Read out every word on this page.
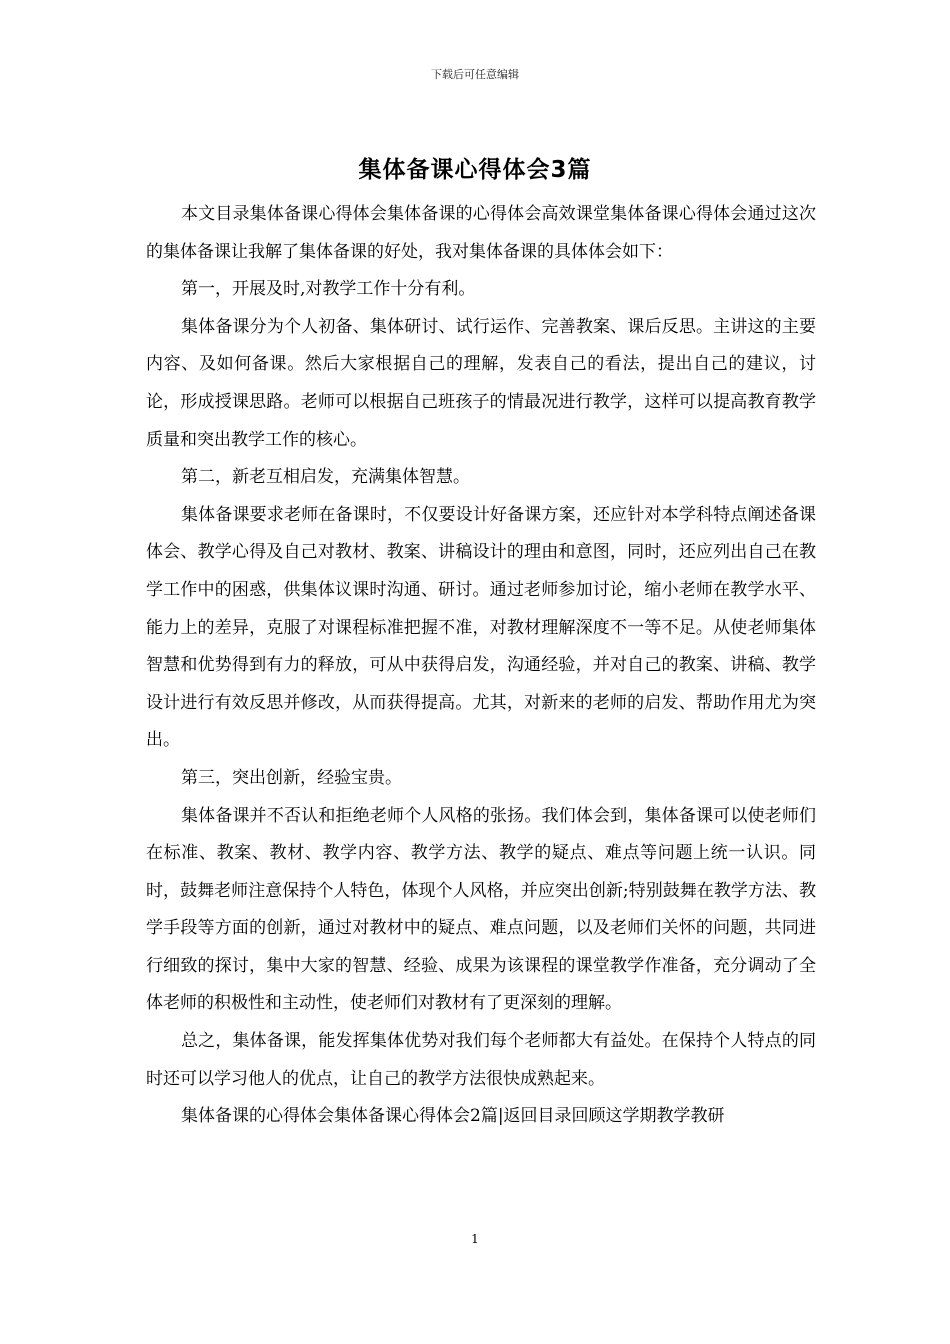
下载后可任意编辑
集体备课心得体会3篇

本文目录集体备课心得体会集体备课的心得体会高效课堂集体备课心得体会通过这次的集体备课让我解了集体备课的好处，我对集体备课的具体体会如下：

第一，开展及时,对教学工作十分有利。

集体备课分为个人初备、集体研讨、试行运作、完善教案、课后反思。主讲这的主要内容、及如何备课。然后大家根据自己的理解，发表自己的看法，提出自己的建议，讨论，形成授课思路。老师可以根据自己班孩子的情最况进行教学，这样可以提高教育教学质量和突出教学工作的核心。

第二，新老互相启发，充满集体智慧。

集体备课要求老师在备课时，不仅要设计好备课方案，还应针对本学科特点阐述备课体会、教学心得及自己对教材、教案、讲稿设计的理由和意图，同时，还应列出自己在教学工作中的困惑，供集体议课时沟通、研讨。通过老师参加讨论，缩小老师在教学水平、能力上的差异，克服了对课程标准把握不准，对教材理解深度不一等不足。从使老师集体智慧和优势得到有力的释放，可从中获得启发，沟通经验，并对自己的教案、讲稿、教学设计进行有效反思并修改，从而获得提高。尤其，对新来的老师的启发、帮助作用尤为突出。

第三，突出创新，经验宝贵。

集体备课并不否认和拒绝老师个人风格的张扬。我们体会到，集体备课可以使老师们在标准、教案、教材、教学内容、教学方法、教学的疑点、难点等问题上统一认识。同时，鼓舞老师注意保持个人特色，体现个人风格，并应突出创新;特别鼓舞在教学方法、教学手段等方面的创新，通过对教材中的疑点、难点问题，以及老师们关怀的问题，共同进行细致的探讨，集中大家的智慧、经验、成果为该课程的课堂教学作准备，充分调动了全体老师的积极性和主动性，使老师们对教材有了更深刻的理解。

总之，集体备课，能发挥集体优势对我们每个老师都大有益处。在保持个人特点的同时还可以学习他人的优点，让自己的教学方法很快成熟起来。

集体备课的心得体会集体备课心得体会2篇|返回目录回顾这学期教学教研

1
